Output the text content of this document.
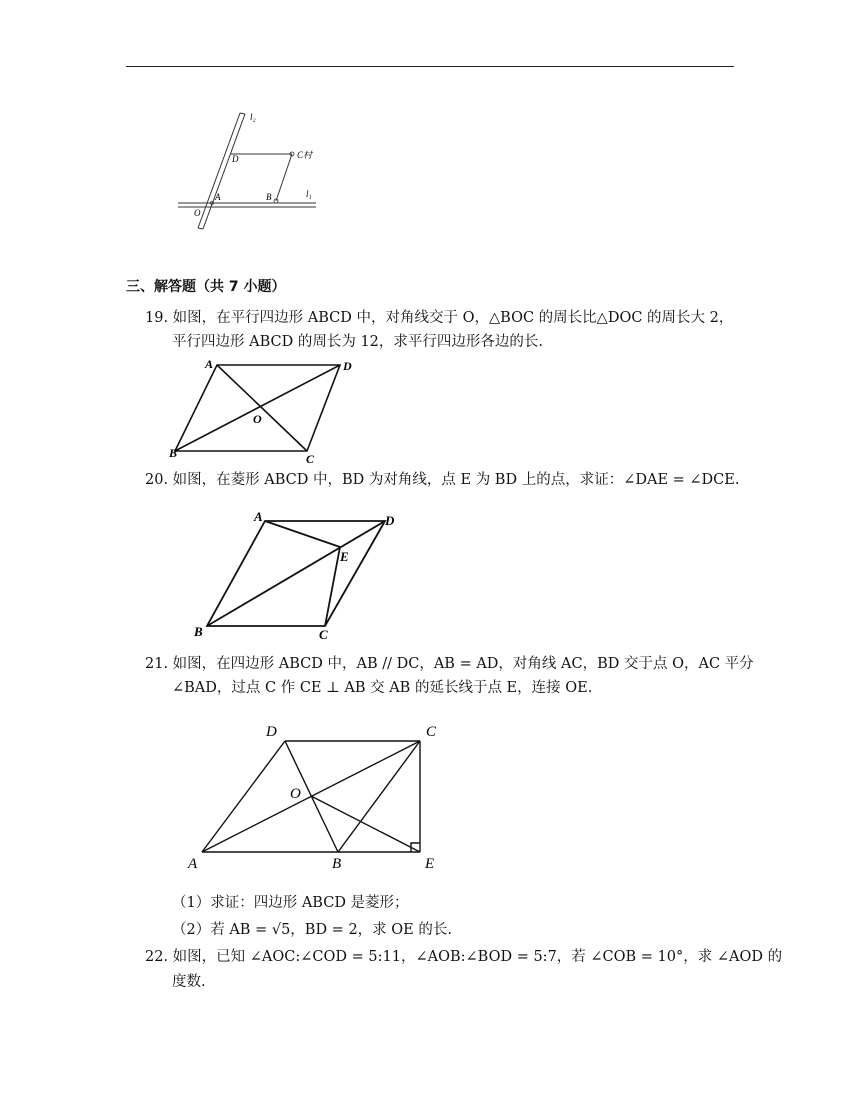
l₂
D	C村
A	B	l₁
O
三、解答题（共 7 小题）
19. 如图，在平行四边形 ABCD 中，对角线交于 O，△BOC 的周长比△DOC 的周长大 2，
平行四边形 ABCD 的周长为 12，求平行四边形各边的长.
A	D
O
B	C
20. 如图，在菱形 ABCD 中，BD 为对角线，点 E 为 BD 上的点，求证：∠DAE = ∠DCE.
A	D
E
B	C
21. 如图，在四边形 ABCD 中，AB // DC，AB = AD，对角线 AC，BD 交于点 O，AC 平分
∠BAD，过点 C 作 CE ⊥ AB 交 AB 的延长线于点 E，连接 OE.
D	C
O
A	B	E
（1）求证：四边形 ABCD 是菱形；
（2）若 AB = √5，BD = 2，求 OE 的长.
22. 如图，已知 ∠AOC:∠COD = 5:11，∠AOB:∠BOD = 5:7，若 ∠COB = 10°，求 ∠AOD 的
度数.
